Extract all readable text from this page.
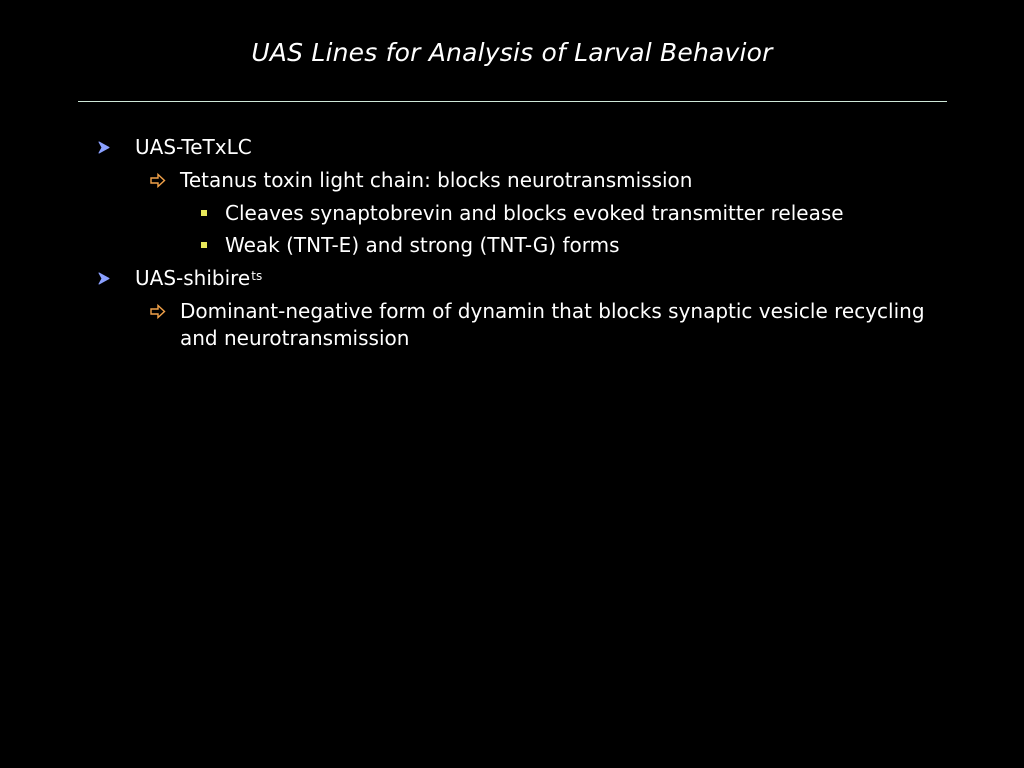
UAS Lines for Analysis of Larval Behavior
UAS-TeTxLC
Tetanus toxin light chain: blocks neurotransmission
Cleaves synaptobrevin and blocks evoked transmitter release
Weak (TNT-E) and strong (TNT-G) forms
UAS-shibire$^{ts}$
Dominant-negative form of dynamin that blocks synaptic vesicle recycling and neurotransmission
